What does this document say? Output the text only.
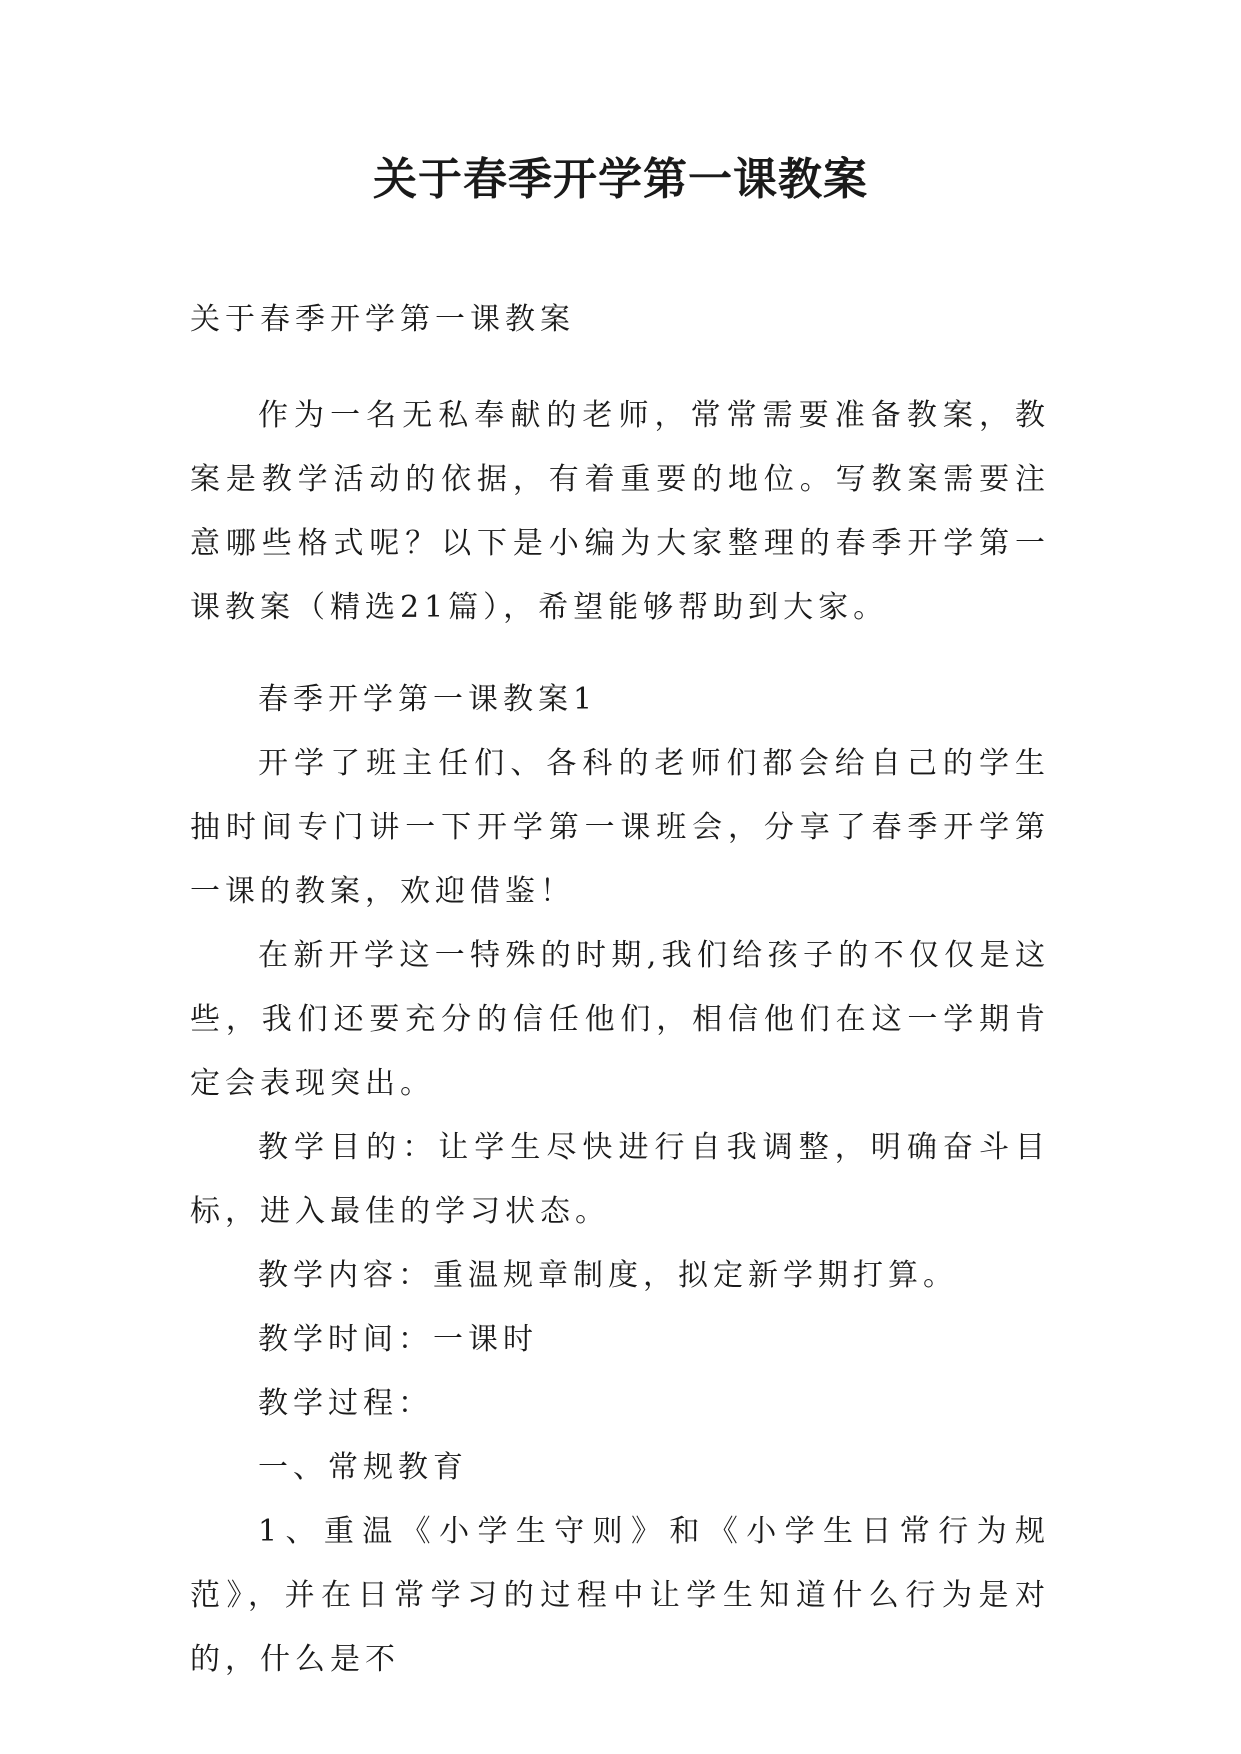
关于春季开学第一课教案

关于春季开学第一课教案

作为一名无私奉献的老师，常常需要准备教案，教案是教学活动的依据，有着重要的地位。写教案需要注意哪些格式呢？以下是小编为大家整理的春季开学第一课教案（精选21篇），希望能够帮助到大家。

春季开学第一课教案1

开学了班主任们、各科的老师们都会给自己的学生抽时间专门讲一下开学第一课班会，分享了春季开学第一课的教案，欢迎借鉴！

在新开学这一特殊的时期,我们给孩子的不仅仅是这些，我们还要充分的信任他们，相信他们在这一学期肯定会表现突出。

教学目的：让学生尽快进行自我调整，明确奋斗目标，进入最佳的学习状态。

教学内容：重温规章制度，拟定新学期打算。

教学时间：一课时

教学过程：

一、常规教育

1、重温《小学生守则》和《小学生日常行为规范》，并在日常学习的过程中让学生知道什么行为是对的，什么是不
